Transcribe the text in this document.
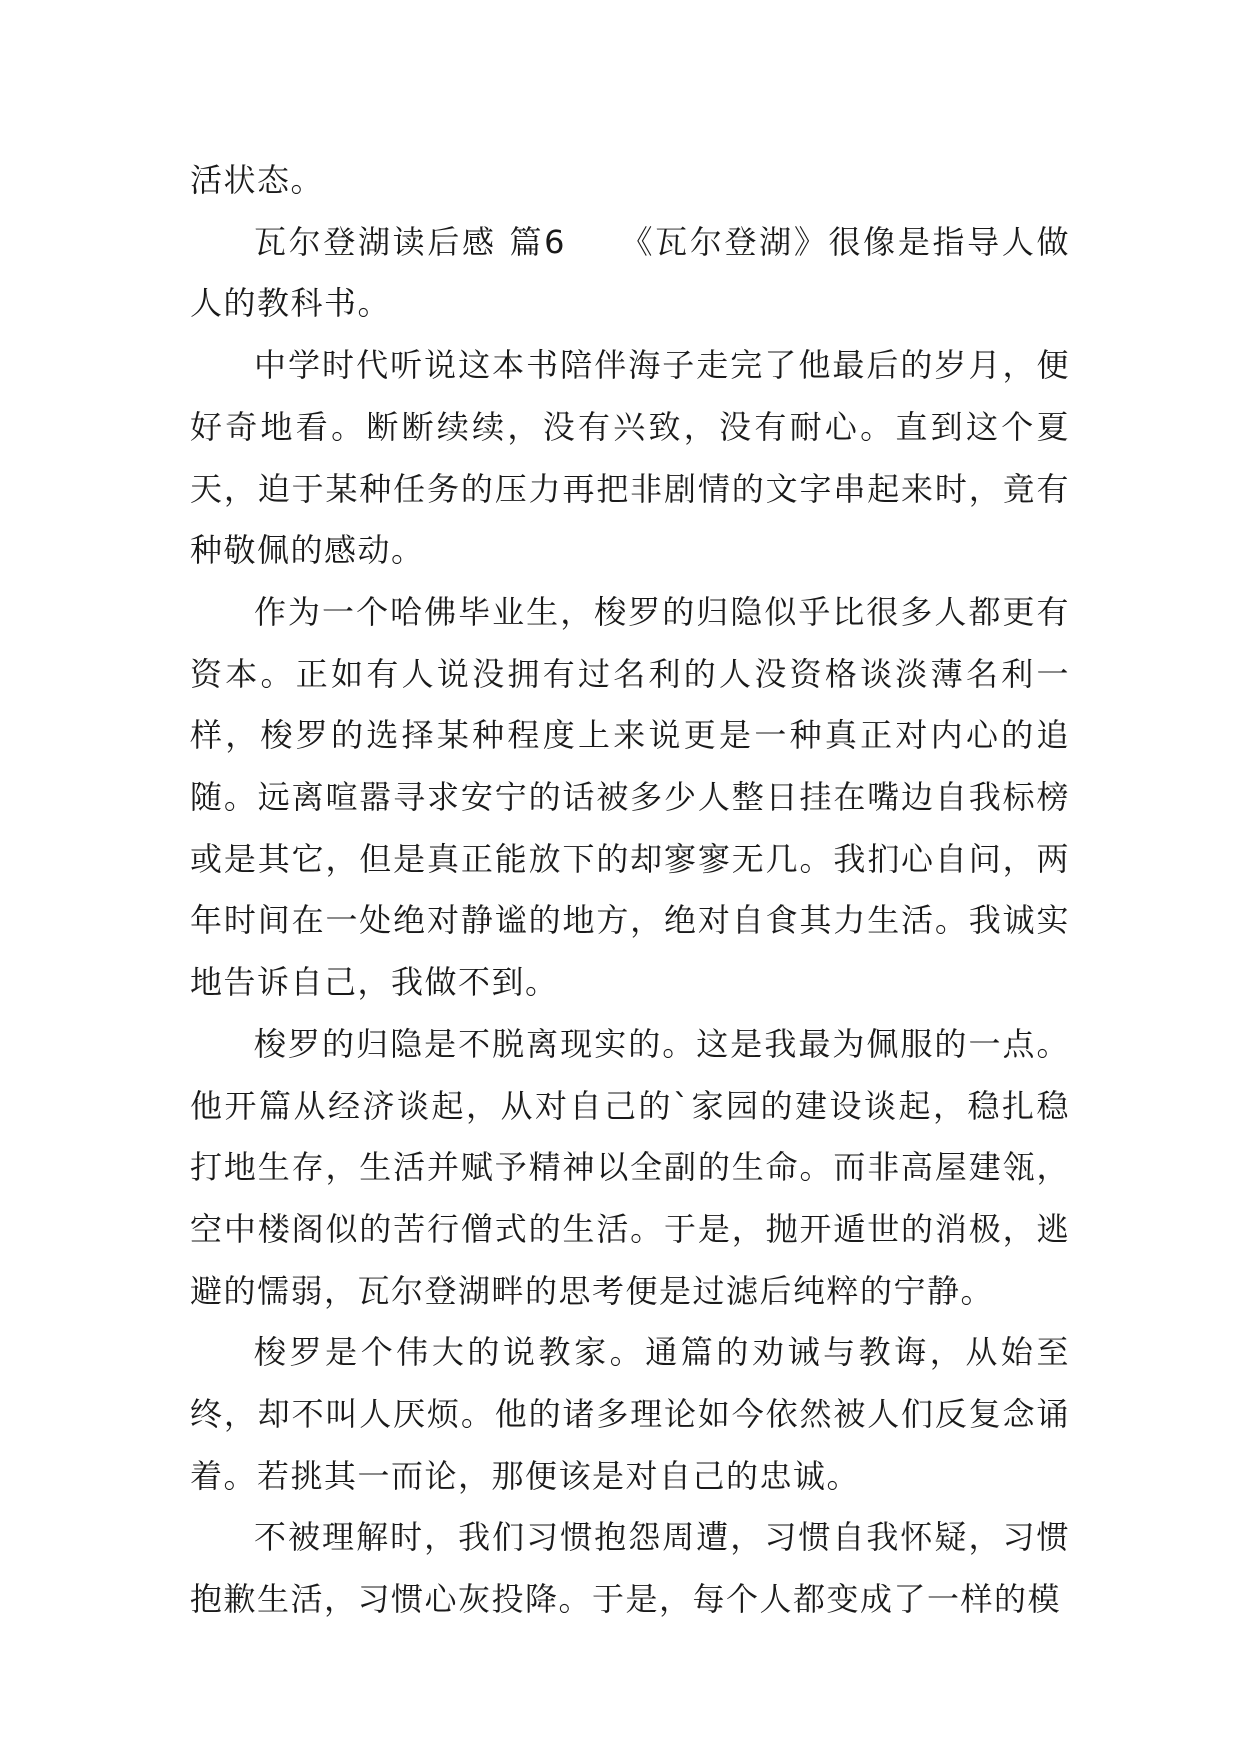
活状态。

瓦尔登湖读后感 篇6　　《瓦尔登湖》很像是指导人做人的教科书。

中学时代听说这本书陪伴海子走完了他最后的岁月，便好奇地看。断断续续，没有兴致，没有耐心。直到这个夏天，迫于某种任务的压力再把非剧情的文字串起来时，竟有种敬佩的感动。

作为一个哈佛毕业生，梭罗的归隐似乎比很多人都更有资本。正如有人说没拥有过名利的人没资格谈淡薄名利一样，梭罗的选择某种程度上来说更是一种真正对内心的追随。远离喧嚣寻求安宁的话被多少人整日挂在嘴边自我标榜或是其它，但是真正能放下的却寥寥无几。我扪心自问，两年时间在一处绝对静谧的地方，绝对自食其力生活。我诚实地告诉自己，我做不到。

梭罗的归隐是不脱离现实的。这是我最为佩服的一点。他开篇从经济谈起，从对自己的`家园的建设谈起，稳扎稳打地生存，生活并赋予精神以全副的生命。而非高屋建瓴，空中楼阁似的苦行僧式的生活。于是，抛开遁世的消极，逃避的懦弱，瓦尔登湖畔的思考便是过滤后纯粹的宁静。

梭罗是个伟大的说教家。通篇的劝诫与教诲，从始至终，却不叫人厌烦。他的诸多理论如今依然被人们反复念诵着。若挑其一而论，那便该是对自己的忠诚。

不被理解时，我们习惯抱怨周遭，习惯自我怀疑，习惯抱歉生活，习惯心灰投降。于是，每个人都变成了一样的模
